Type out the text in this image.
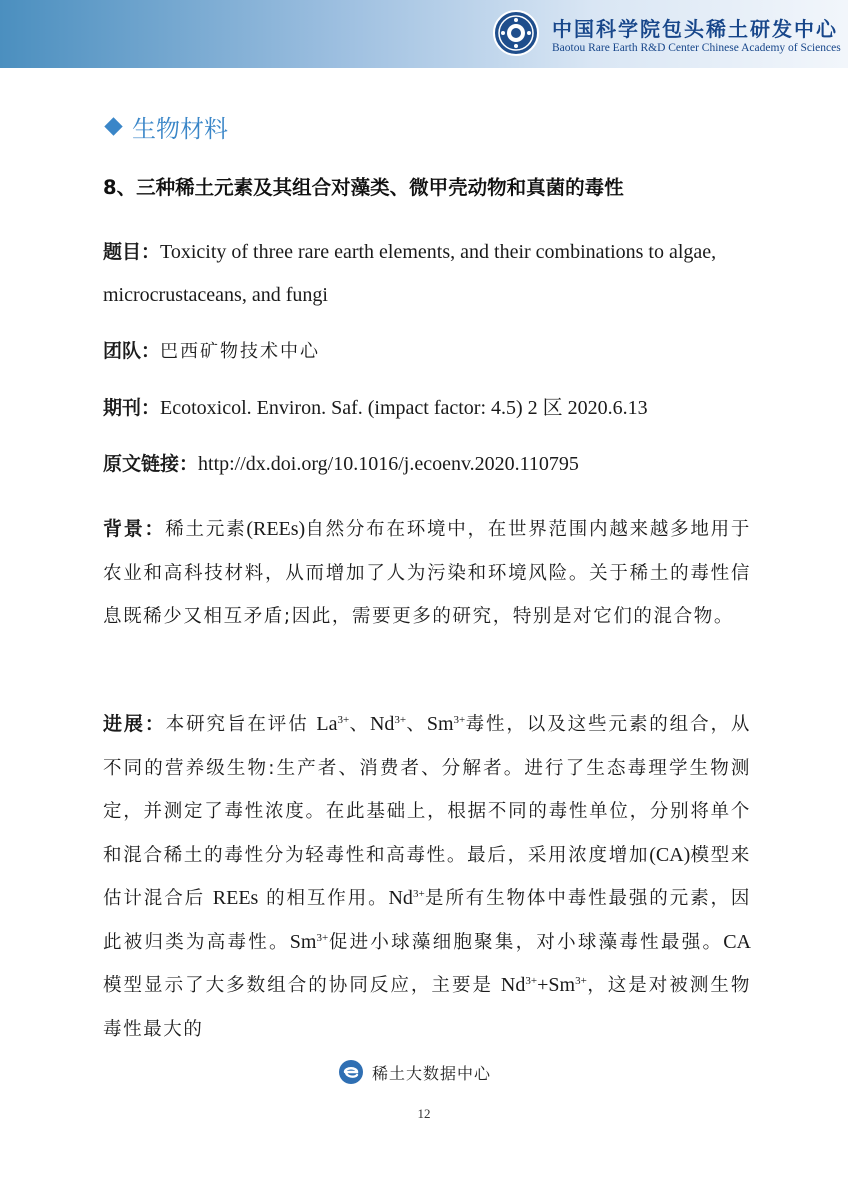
中国科学院包头稀土研发中心
Baotou Rare Earth R&D Center Chinese Academy of Sciences
生物材料
8、三种稀土元素及其组合对藻类、微甲壳动物和真菌的毒性
题目：Toxicity of three rare earth elements, and their combinations to algae, microcrustaceans, and fungi
团队：巴西矿物技术中心
期刊：Ecotoxicol. Environ. Saf. (impact factor: 4.5) 2 区 2020.6.13
原文链接：http://dx.doi.org/10.1016/j.ecoenv.2020.110795
背景：稀土元素(REEs)自然分布在环境中，在世界范围内越来越多地用于农业和高科技材料，从而增加了人为污染和环境风险。关于稀土的毒性信息既稀少又相互矛盾;因此，需要更多的研究，特别是对它们的混合物。
进展：本研究旨在评估 $La^{3+}$、$Nd^{3+}$、$Sm^{3+}$毒性，以及这些元素的组合，从不同的营养级生物:生产者、消费者、分解者。进行了生态毒理学生物测定，并测定了毒性浓度。在此基础上，根据不同的毒性单位，分别将单个和混合稀土的毒性分为轻毒性和高毒性。最后，采用浓度增加(CA)模型来估计混合后 REEs 的相互作用。$Nd^{3+}$是所有生物体中毒性最强的元素，因此被归类为高毒性。$Sm^{3+}$促进小球藻细胞聚集，对小球藻毒性最强。CA 模型显示了大多数组合的协同反应，主要是 $Nd^{3+}+Sm^{3+}$，这是对被测生物毒性最大的
稀土大数据中心
12
